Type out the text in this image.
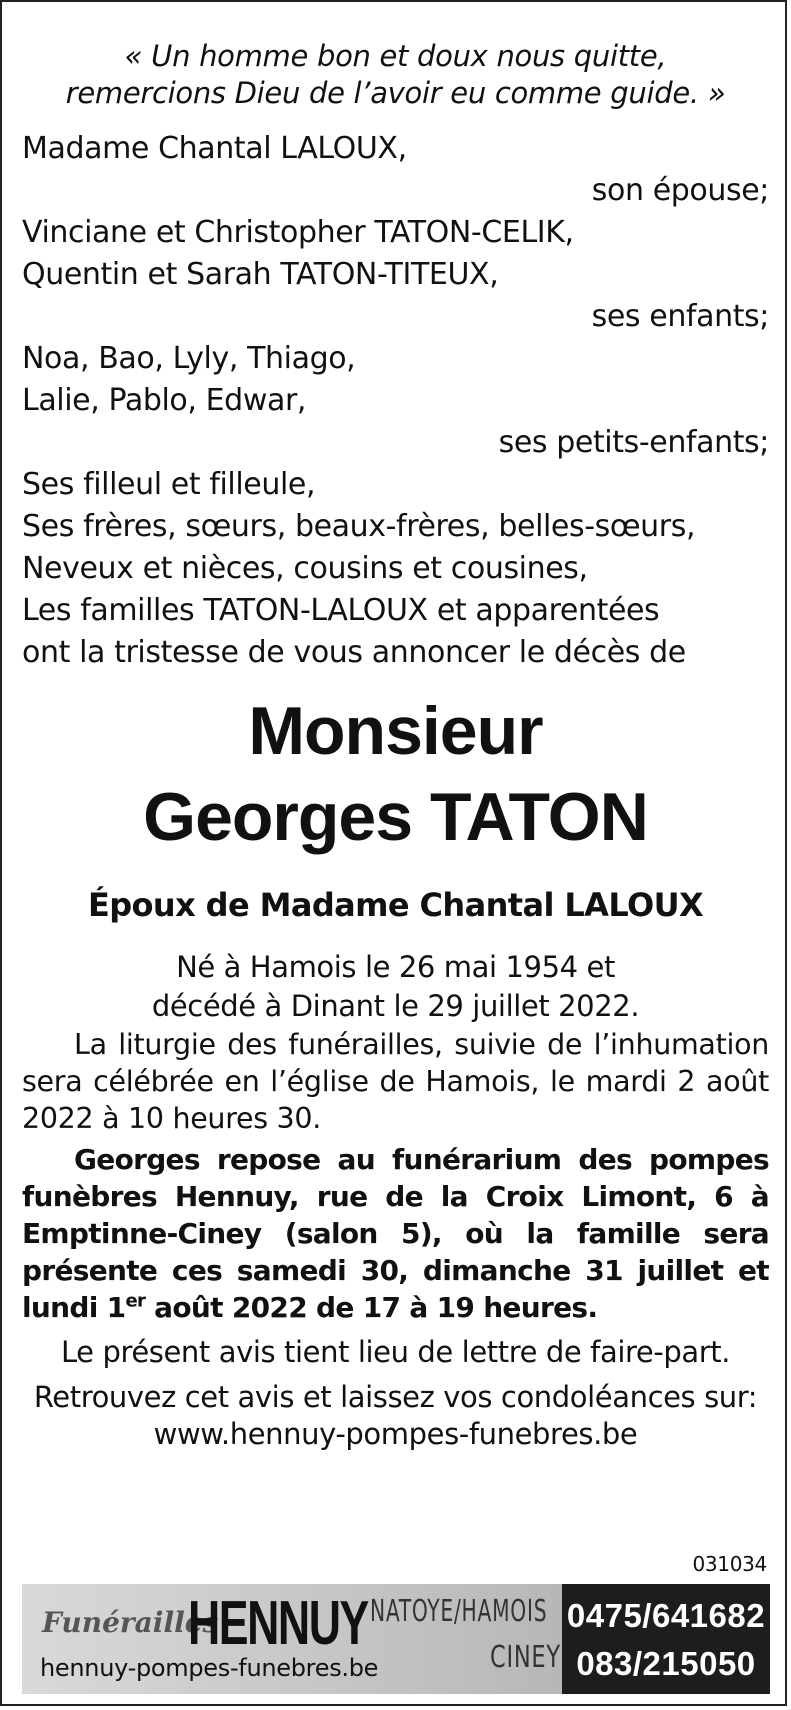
« Un homme bon et doux nous quitte,
remercions Dieu de l’avoir eu comme guide. »
Madame Chantal LALOUX,
son épouse;
Vinciane et Christopher TATON-CELIK,
Quentin et Sarah TATON-TITEUX,
ses enfants;
Noa, Bao, Lyly, Thiago,
Lalie, Pablo, Edwar,
ses petits-enfants;
Ses filleul et filleule,
Ses frères, sœurs, beaux-frères, belles-sœurs,
Neveux et nièces, cousins et cousines,
Les familles TATON-LALOUX et apparentées
ont la tristesse de vous annoncer le décès de
Monsieur
Georges TATON
Époux de Madame Chantal LALOUX
Né à Hamois le 26 mai 1954 et
décédé à Dinant le 29 juillet 2022.
La liturgie des funérailles, suivie de l’inhumation sera célébrée en l’église de Hamois, le mardi 2 août 2022 à 10 heures 30.
Georges repose au funérarium des pompes funèbres Hennuy, rue de la Croix Limont, 6 à Emptinne-Ciney (salon 5), où la famille sera présente ces samedi 30, dimanche 31 juillet et lundi 1er août 2022 de 17 à 19 heures.
Le présent avis tient lieu de lettre de faire-part.
Retrouvez cet avis et laissez vos condoléances sur:
www.hennuy-pompes-funebres.be
031034
Funérailles
HENNUY NATOYE/HAMOIS
CINEY
hennuy-pompes-funebres.be
0475/641682
083/215050
